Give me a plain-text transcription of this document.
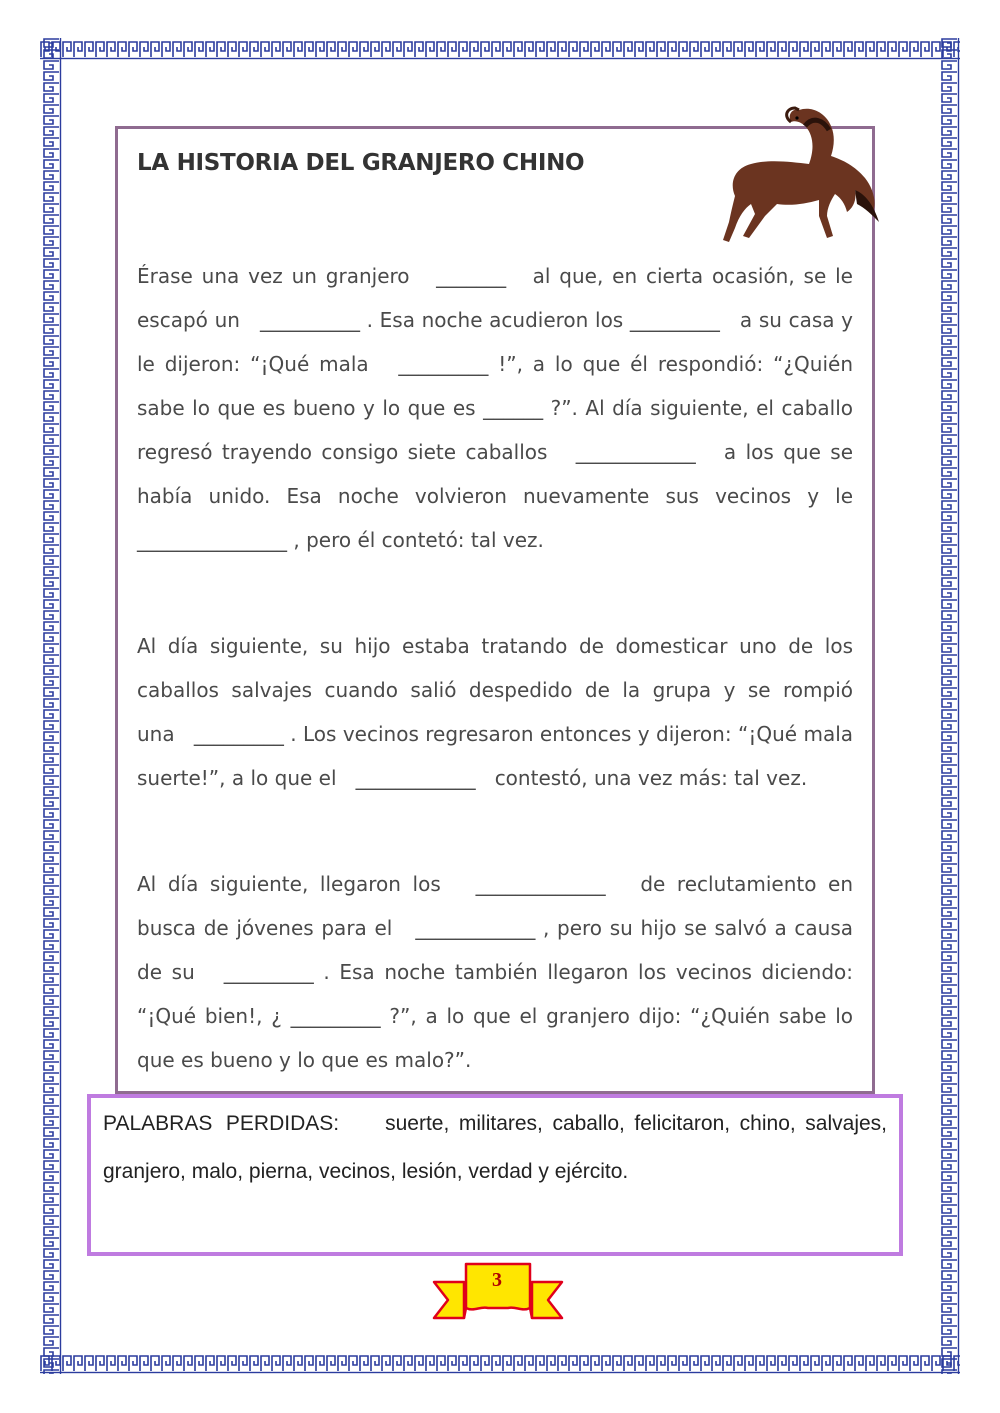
LA HISTORIA DEL GRANJERO CHINO

Érase una vez un granjero _______ al que, en cierta ocasión, se le escapó un __________ . Esa noche acudieron los _________ a su casa y le dijeron: “¡Qué mala _________ !”, a lo que él respondió: “¿Quién sabe lo que es bueno y lo que es ______ ?”. Al día siguiente, el caballo regresó trayendo consigo siete caballos ____________ a los que se había unido. Esa noche volvieron nuevamente sus vecinos y le _______________ , pero él contetó: tal vez.

Al día siguiente, su hijo estaba tratando de domesticar uno de los caballos salvajes cuando salió despedido de la grupa y se rompió una _________ . Los vecinos regresaron entonces y dijeron: “¡Qué mala suerte!”, a lo que el ____________ contestó, una vez más: tal vez.

Al día siguiente, llegaron los _____________ de reclutamiento en busca de jóvenes para el ____________ , pero su hijo se salvó a causa de su _________ . Esa noche también llegaron los vecinos diciendo: “¡Qué bien!, ¿ _________ ?”, a lo que el granjero dijo: “¿Quién sabe lo que es bueno y lo que es malo?”.

PALABRAS PERDIDAS: suerte, militares, caballo, felicitaron, chino, salvajes, granjero, malo, pierna, vecinos, lesión, verdad y ejército.

3
